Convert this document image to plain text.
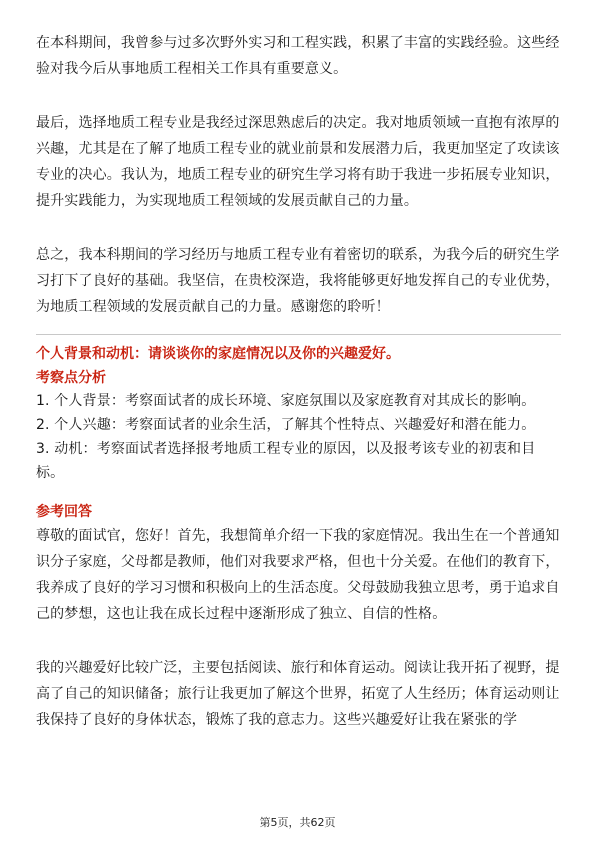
在本科期间，我曾参与过多次野外实习和工程实践，积累了丰富的实践经验。这些经验对我今后从事地质工程相关工作具有重要意义。

最后，选择地质工程专业是我经过深思熟虑后的决定。我对地质领域一直抱有浓厚的兴趣，尤其是在了解了地质工程专业的就业前景和发展潜力后，我更加坚定了攻读该专业的决心。我认为，地质工程专业的研究生学习将有助于我进一步拓展专业知识，提升实践能力，为实现地质工程领域的发展贡献自己的力量。

总之，我本科期间的学习经历与地质工程专业有着密切的联系，为我今后的研究生学习打下了良好的基础。我坚信，在贵校深造，我将能够更好地发挥自己的专业优势，为地质工程领域的发展贡献自己的力量。感谢您的聆听！

个人背景和动机：请谈谈你的家庭情况以及你的兴趣爱好。
考察点分析

1. 个人背景：考察面试者的成长环境、家庭氛围以及家庭教育对其成长的影响。

2. 个人兴趣：考察面试者的业余生活，了解其个性特点、兴趣爱好和潜在能力。

3. 动机：考察面试者选择报考地质工程专业的原因，以及报考该专业的初衷和目标。

参考回答

尊敬的面试官，您好！首先，我想简单介绍一下我的家庭情况。我出生在一个普通知识分子家庭，父母都是教师，他们对我要求严格，但也十分关爱。在他们的教育下，我养成了良好的学习习惯和积极向上的生活态度。父母鼓励我独立思考，勇于追求自己的梦想，这也让我在成长过程中逐渐形成了独立、自信的性格。

我的兴趣爱好比较广泛，主要包括阅读、旅行和体育运动。阅读让我开拓了视野，提高了自己的知识储备；旅行让我更加了解这个世界，拓宽了人生经历；体育运动则让我保持了良好的身体状态，锻炼了我的意志力。这些兴趣爱好让我在紧张的学

第5页，共62页
